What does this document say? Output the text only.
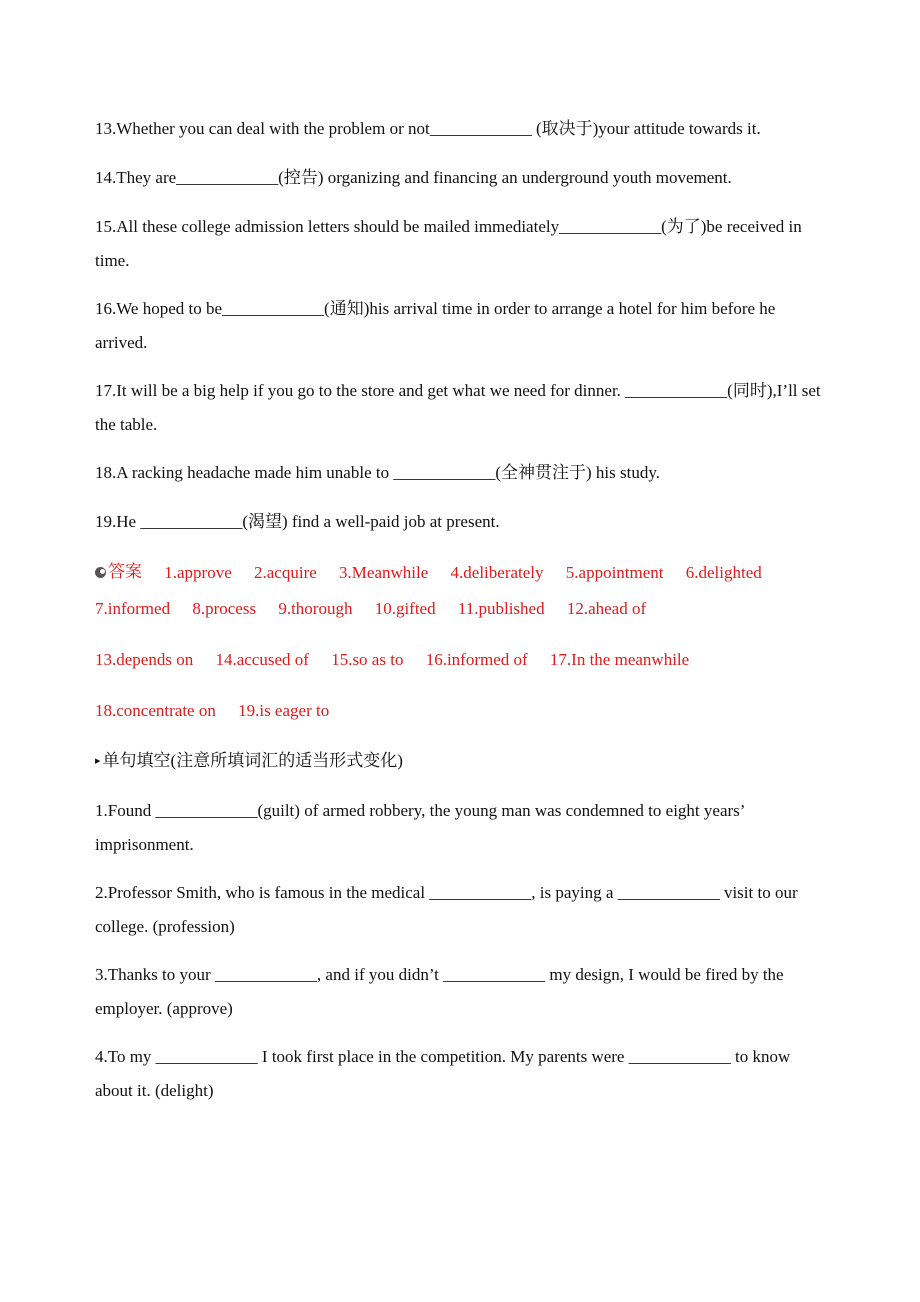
13.Whether you can deal with the problem or not____________ (取决于)your attitude towards it.

14.They are____________(控告) organizing and financing an underground youth movement.

15.All these college admission letters should be mailed immediately____________(为了)be received in time.

16.We hoped to be____________(通知)his arrival time in order to arrange a hotel for him before he arrived.

17.It will be a big help if you go to the store and get what we need for dinner. ____________(同时),I’ll set the table.

18.A racking headache made him unable to ____________(全神贯注于) his study.

19.He ____________(渴望) find a well-paid job at present.

答案 1.approve 2.acquire 3.Meanwhile 4.deliberately 5.appointment 6.delighted
7.informed 8.process 9.thorough 10.gifted 11.published 12.ahead of
13.depends on 14.accused of 15.so as to 16.informed of 17.In the meanwhile
18.concentrate on 19.is eager to
▸ 单句填空(注意所填词汇的适当形式变化)

1.Found ____________(guilt) of armed robbery, the young man was condemned to eight years’ imprisonment.

2.Professor Smith, who is famous in the medical ____________, is paying a ____________ visit to our college. (profession)

3.Thanks to your ____________, and if you didn’t ____________ my design, I would be fired by the employer. (approve)

4.To my ____________ I took first place in the competition. My parents were ____________ to know about it. (delight)
